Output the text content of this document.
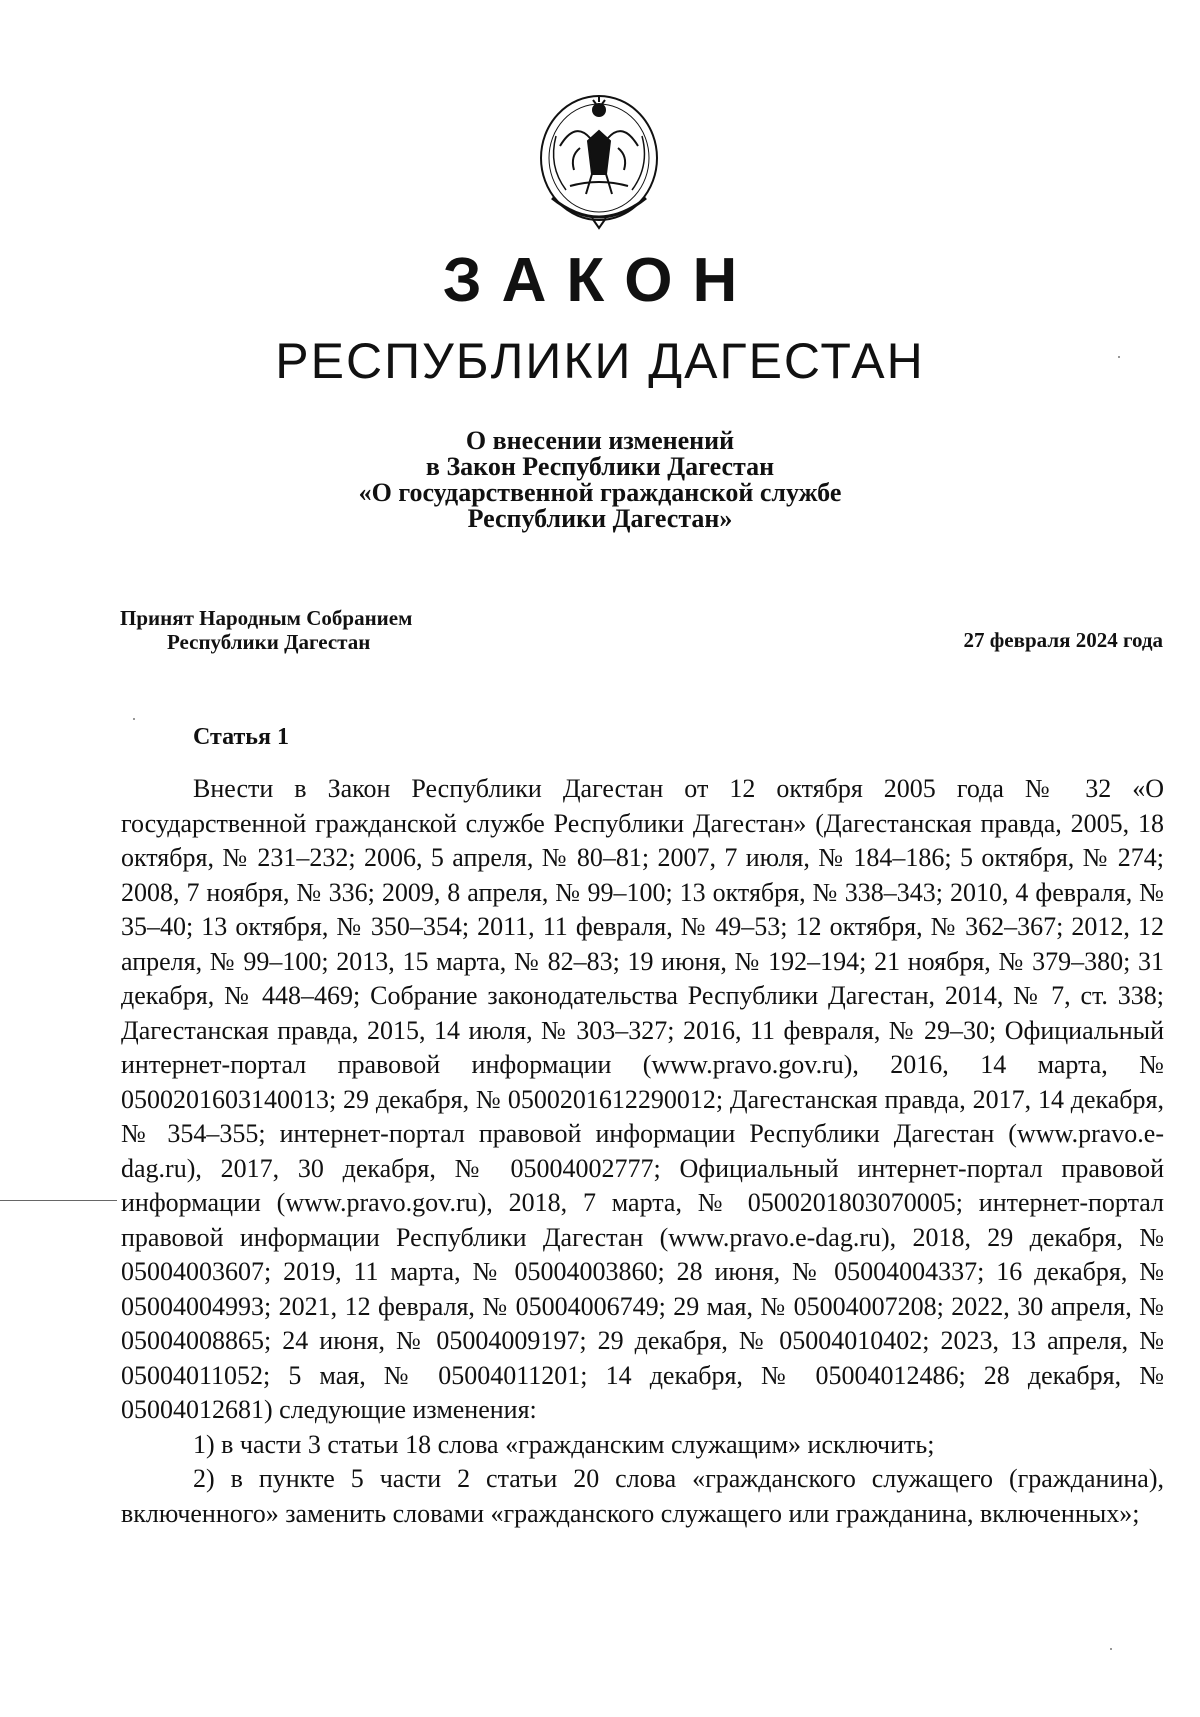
ЗАКОН
РЕСПУБЛИКИ ДАГЕСТАН
О внесении изменений
в Закон Республики Дагестан
«О государственной гражданской службе
Республики Дагестан»
Принят Народным Собранием
Республики Дагестан	27 февраля 2024 года
Статья 1

Внести в Закон Республики Дагестан от 12 октября 2005 года № 32 «О государственной гражданской службе Республики Дагестан» (Дагестанская правда, 2005, 18 октября, № 231–232; 2006, 5 апреля, № 80–81; 2007, 7 июля, № 184–186; 5 октября, № 274; 2008, 7 ноября, № 336; 2009, 8 апреля, № 99–100; 13 октября, № 338–343; 2010, 4 февраля, № 35–40; 13 октября, № 350–354; 2011, 11 февраля, № 49–53; 12 октября, № 362–367; 2012, 12 апреля, № 99–100; 2013, 15 марта, № 82–83; 19 июня, № 192–194; 21 ноября, № 379–380; 31 декабря, № 448–469; Собрание законодательства Республики Дагестан, 2014, № 7, ст. 338; Дагестанская правда, 2015, 14 июля, № 303–327; 2016, 11 февраля, № 29–30; Официальный интернет-портал правовой информации (www.pravo.gov.ru), 2016, 14 марта, № 0500201603140013; 29 декабря, № 0500201612290012; Дагестанская правда, 2017, 14 декабря, № 354–355; интернет-портал правовой информации Республики Дагестан (www.pravo.e-dag.ru), 2017, 30 декабря, № 05004002777; Официальный интернет-портал правовой информации (www.pravo.gov.ru), 2018, 7 марта, № 0500201803070005; интернет-портал правовой информации Республики Дагестан (www.pravo.e-dag.ru), 2018, 29 декабря, № 05004003607; 2019, 11 марта, № 05004003860; 28 июня, № 05004004337; 16 декабря, № 05004004993; 2021, 12 февраля, № 05004006749; 29 мая, № 05004007208; 2022, 30 апреля, № 05004008865; 24 июня, № 05004009197; 29 декабря, № 05004010402; 2023, 13 апреля, № 05004011052; 5 мая, № 05004011201; 14 декабря, № 05004012486; 28 декабря, № 05004012681) следующие изменения:

1) в части 3 статьи 18 слова «гражданским служащим» исключить;

2) в пункте 5 части 2 статьи 20 слова «гражданского служащего (гражданина), включенного» заменить словами «гражданского служащего или гражданина, включенных»;
